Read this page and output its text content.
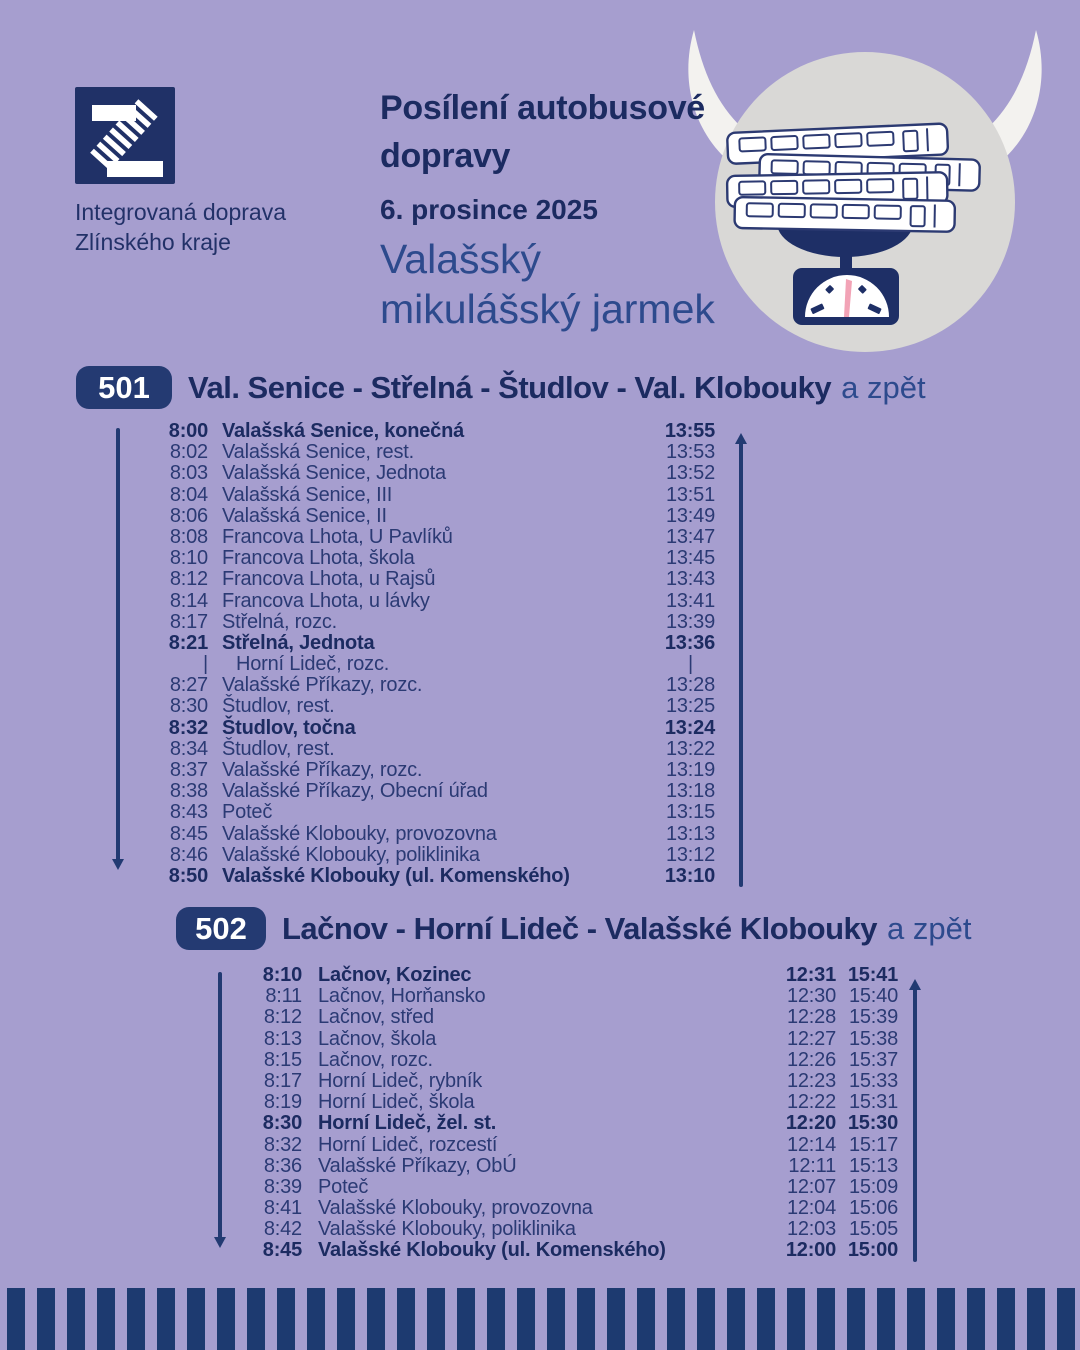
Integrovaná doprava
Zlínského kraje
Posílení autobusové
dopravy
6. prosince 2025
Valašský
mikulášský jarmek
501	Val. Senice - Střelná - Študlov - Val. Klobouky a zpět
8:00 Valašská Senice, konečná	13:55
8:02 Valašská Senice, rest.	13:53
8:03 Valašská Senice, Jednota	13:52
8:04 Valašská Senice, III	13:51
8:06 Valašská Senice, II	13:49
8:08 Francova Lhota, U Pavlíků	13:47
8:10 Francova Lhota, škola	13:45
8:12 Francova Lhota, u Rajsů	13:43
8:14 Francova Lhota, u lávky	13:41
8:17 Střelná, rozc.	13:39
8:21 Střelná, Jednota	13:36
|	Horní Lideč, rozc.	|
8:27 Valašské Příkazy, rozc.	13:28
8:30 Študlov, rest.	13:25
8:32 Študlov, točna	13:24
8:34 Študlov, rest.	13:22
8:37 Valašské Příkazy, rozc.	13:19
8:38 Valašské Příkazy, Obecní úřad	13:18
8:43 Poteč	13:15
8:45 Valašské Klobouky, provozovna	13:13
8:46 Valašské Klobouky, poliklinika	13:12
8:50 Valašské Klobouky (ul. Komenského)	13:10
502	Lačnov - Horní Lideč - Valašské Klobouky a zpět
8:10 Lačnov, Kozinec	12:31 15:41
8:11 Lačnov, Horňansko	12:30 15:40
8:12 Lačnov, střed	12:28 15:39
8:13 Lačnov, škola	12:27 15:38
8:15 Lačnov, rozc.	12:26 15:37
8:17 Horní Lideč, rybník	12:23 15:33
8:19 Horní Lideč, škola	12:22 15:31
8:30 Horní Lideč, žel. st.	12:20 15:30
8:32 Horní Lideč, rozcestí	12:14 15:17
8:36 Valašské Příkazy, ObÚ	12:11 15:13
8:39 Poteč	12:07 15:09
8:41 Valašské Klobouky, provozovna	12:04 15:06
8:42 Valašské Klobouky, poliklinika	12:03 15:05
8:45 Valašské Klobouky (ul. Komenského)	12:00 15:00
